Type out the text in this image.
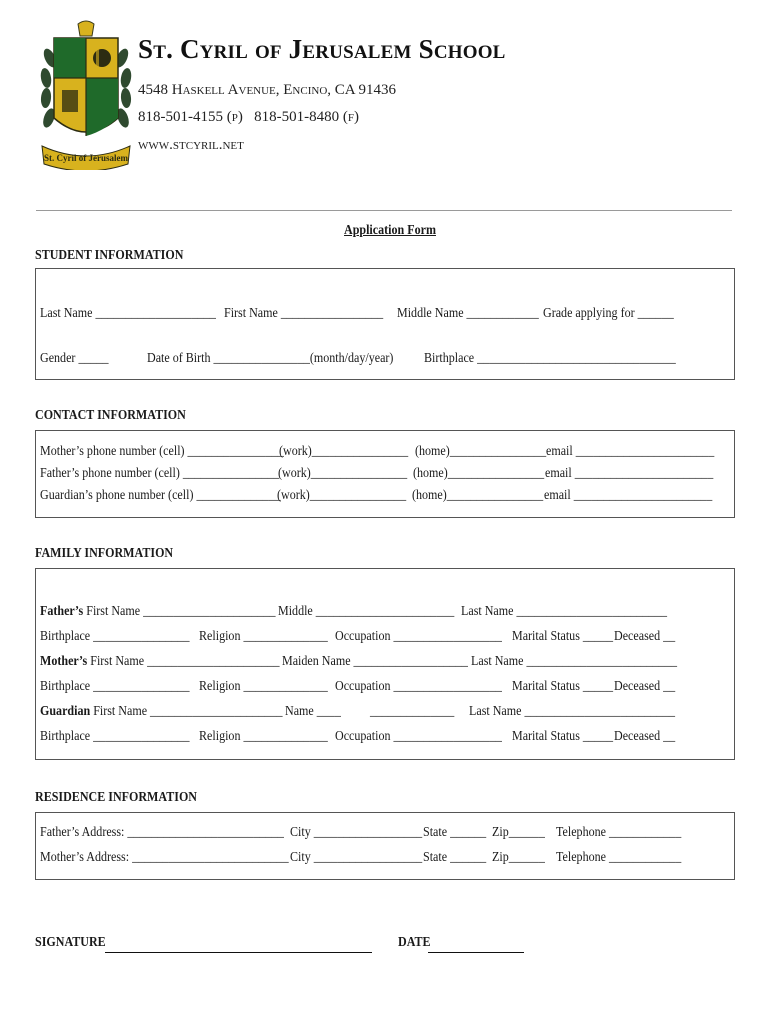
St. Cyril of Jerusalem
St. Cyril of Jerusalem School
4548 Haskell Avenue, Encino, CA 91436
818-501-4155 (p)   818-501-8480 (f)
www.stcyril.net
Application Form
STUDENT INFORMATION
Last Name ____________________ First Name _________________ Middle Name ____________ Grade applying for ______
Gender _____	Date of Birth ________________(month/day/year) Birthplace _________________________________
CONTACT INFORMATION
Mother’s phone number (cell) ________________
(work)________________ (home)________________ email _______________________
Father’s phone number (cell) ________________
(work)________________ (home)________________ email _______________________
Guardian’s phone number (cell) ______________
(work)________________ (home)________________ email _______________________
FAMILY INFORMATION
Father’s First Name ______________________ Middle _______________________ Last Name _________________________
Birthplace ________________ Religion ______________ Occupation __________________ Marital Status _____ Deceased __
Mother’s First Name ______________________ Maiden Name ___________________ Last Name _________________________
Birthplace ________________ Religion ______________ Occupation __________________ Marital Status _____ Deceased __
Guardian First Name ______________________ Name ____ ______________ Last Name _________________________
Birthplace ________________ Religion ______________ Occupation __________________ Marital Status _____ Deceased __
RESIDENCE INFORMATION
Father’s Address: __________________________ City __________________ State ______ Zip______ Telephone ____________
Mother’s Address: __________________________ City __________________ State ______ Zip______ Telephone ____________
SIGNATURE	DATE
